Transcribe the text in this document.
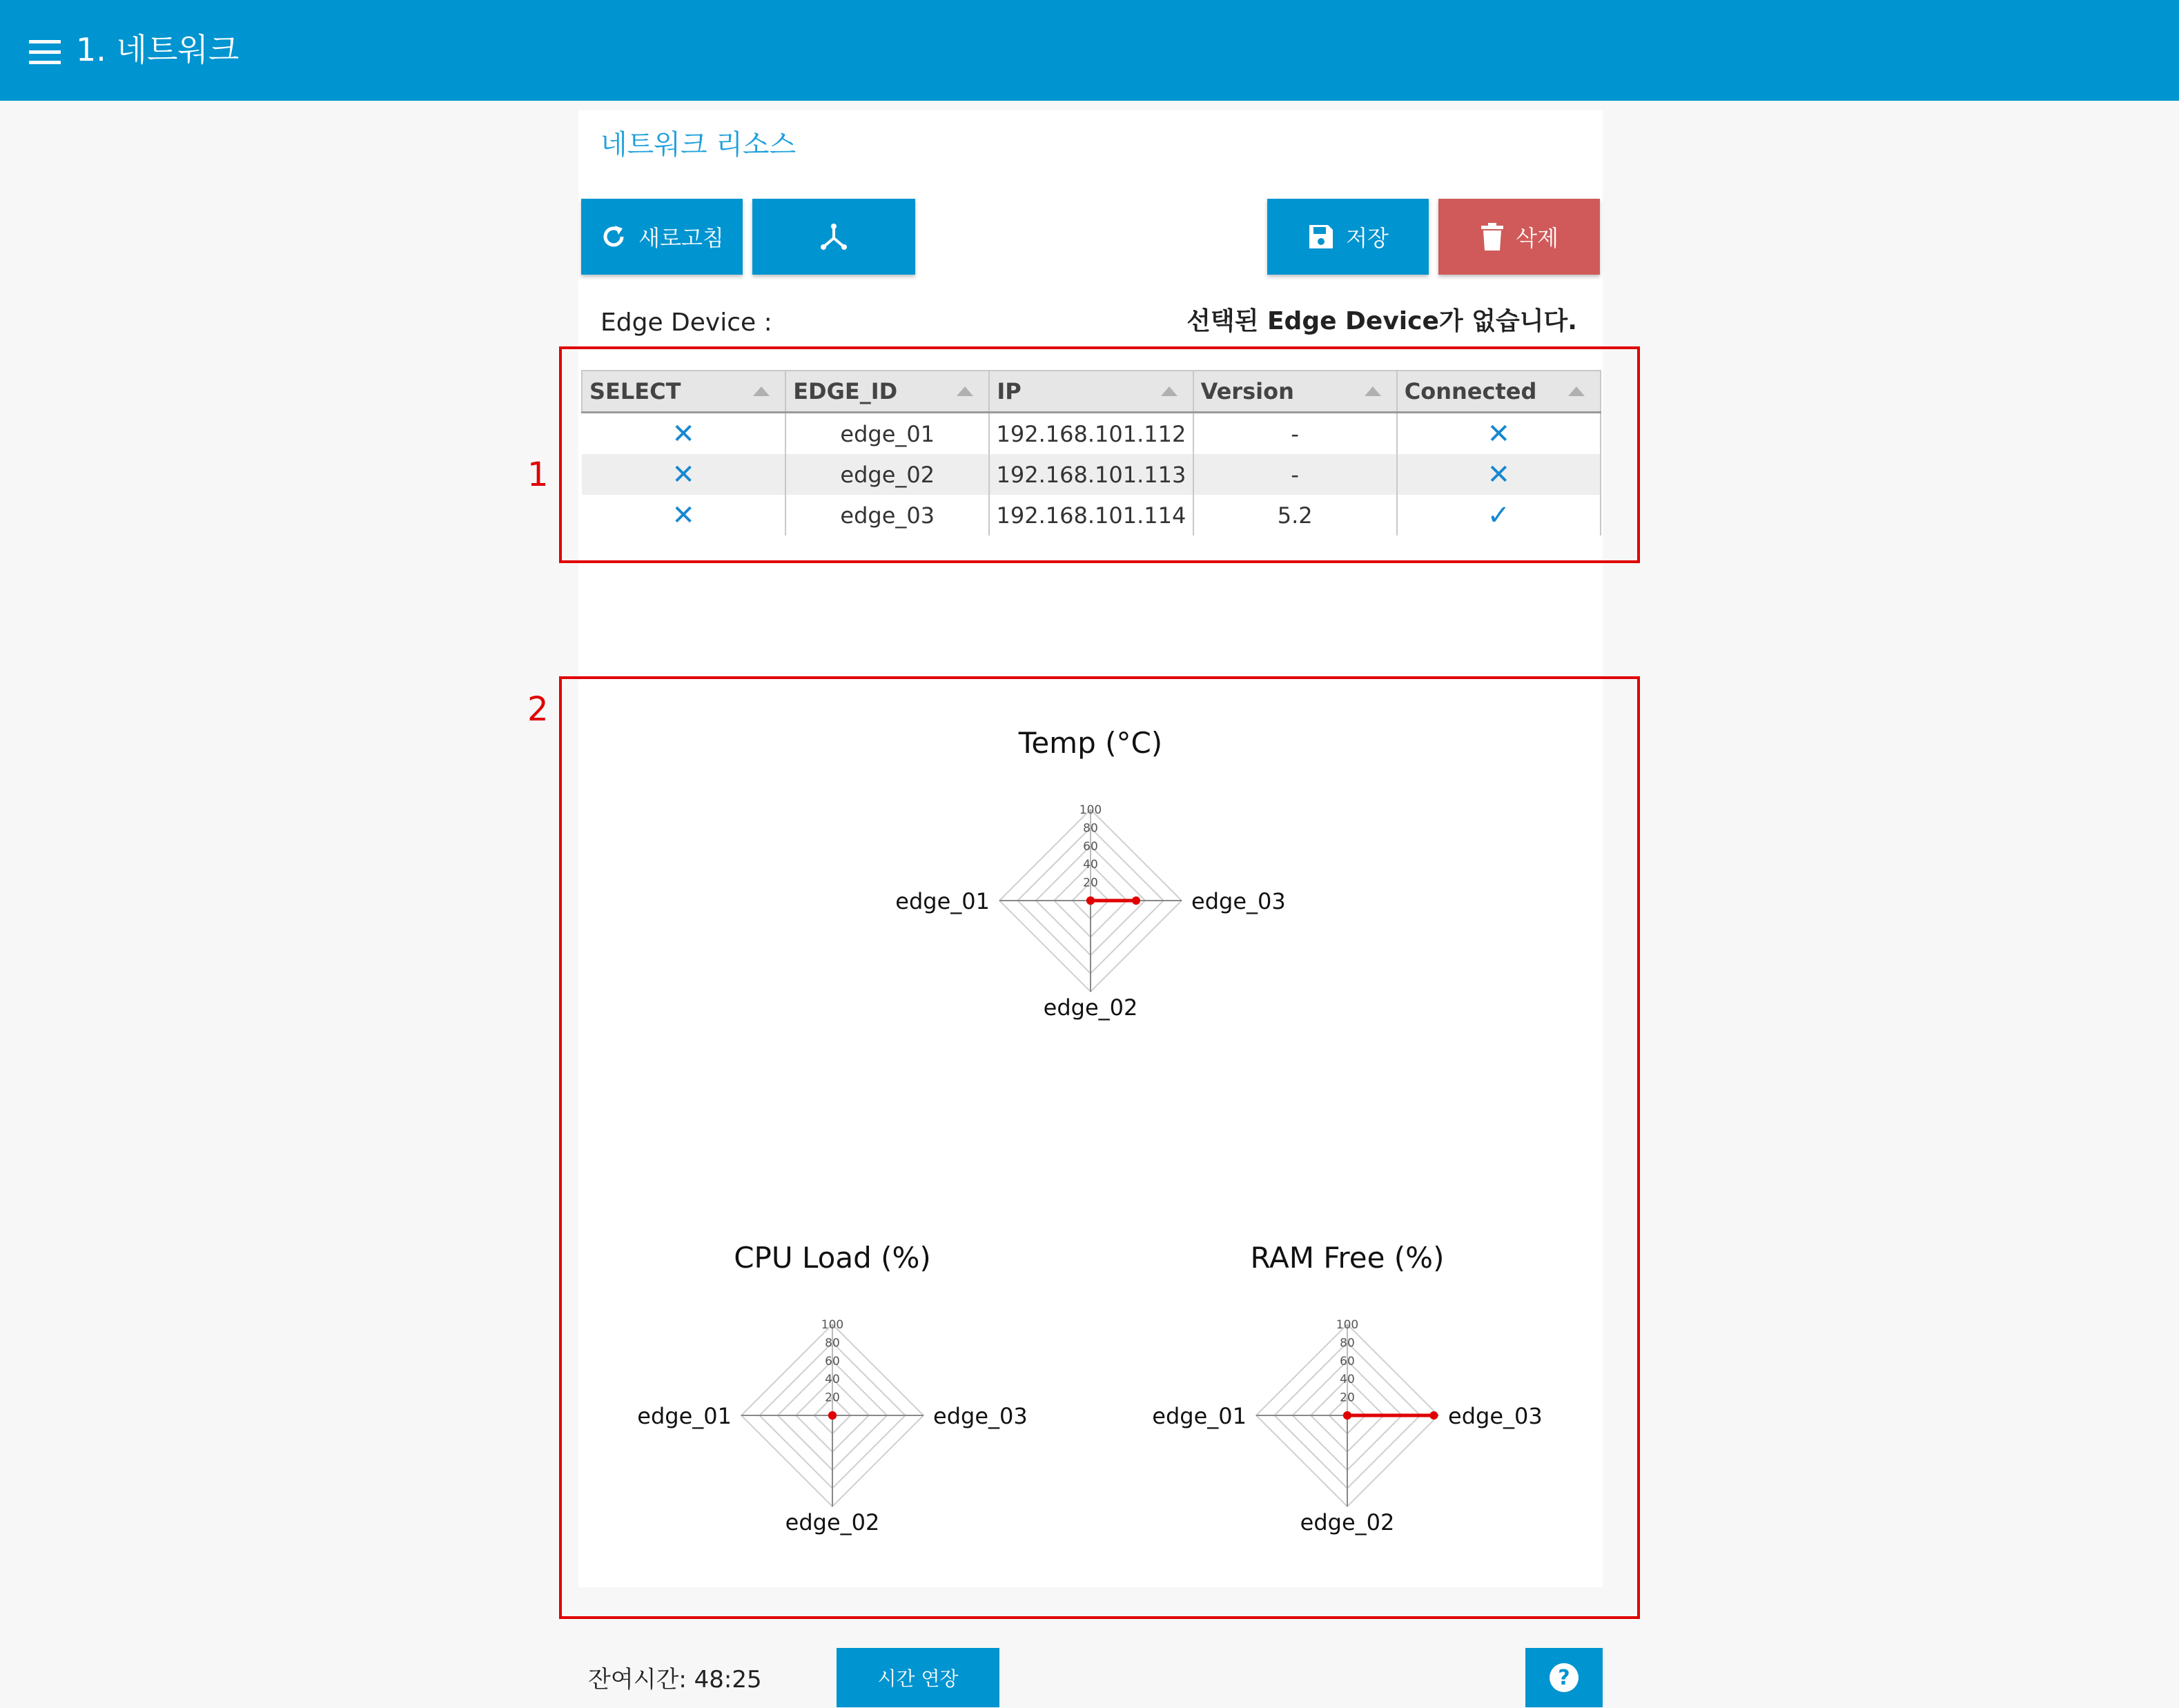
1. 네트워크
네트워크 리소스
새로고침	저장	삭제
Edge Device :	선택된 Edge Device가 없습니다.
1
SELECT	EDGE_ID	IP	Version	Connected

✕	edge_01	192.168.101.112	-	✕
✕	edge_02	192.168.101.113	-	✕
✕	edge_03	192.168.101.114	5.2	✓
2
Temp (°C)
edge_03
edge_02
edge_01
20
40
60
80
100
CPU Load (%)
edge_03
edge_02
edge_01
20
40
60
80
100
RAM Free (%)
edge_03
edge_02
edge_01
20
40
60
80
100
잔여시간: 48:25	시간 연장	?
